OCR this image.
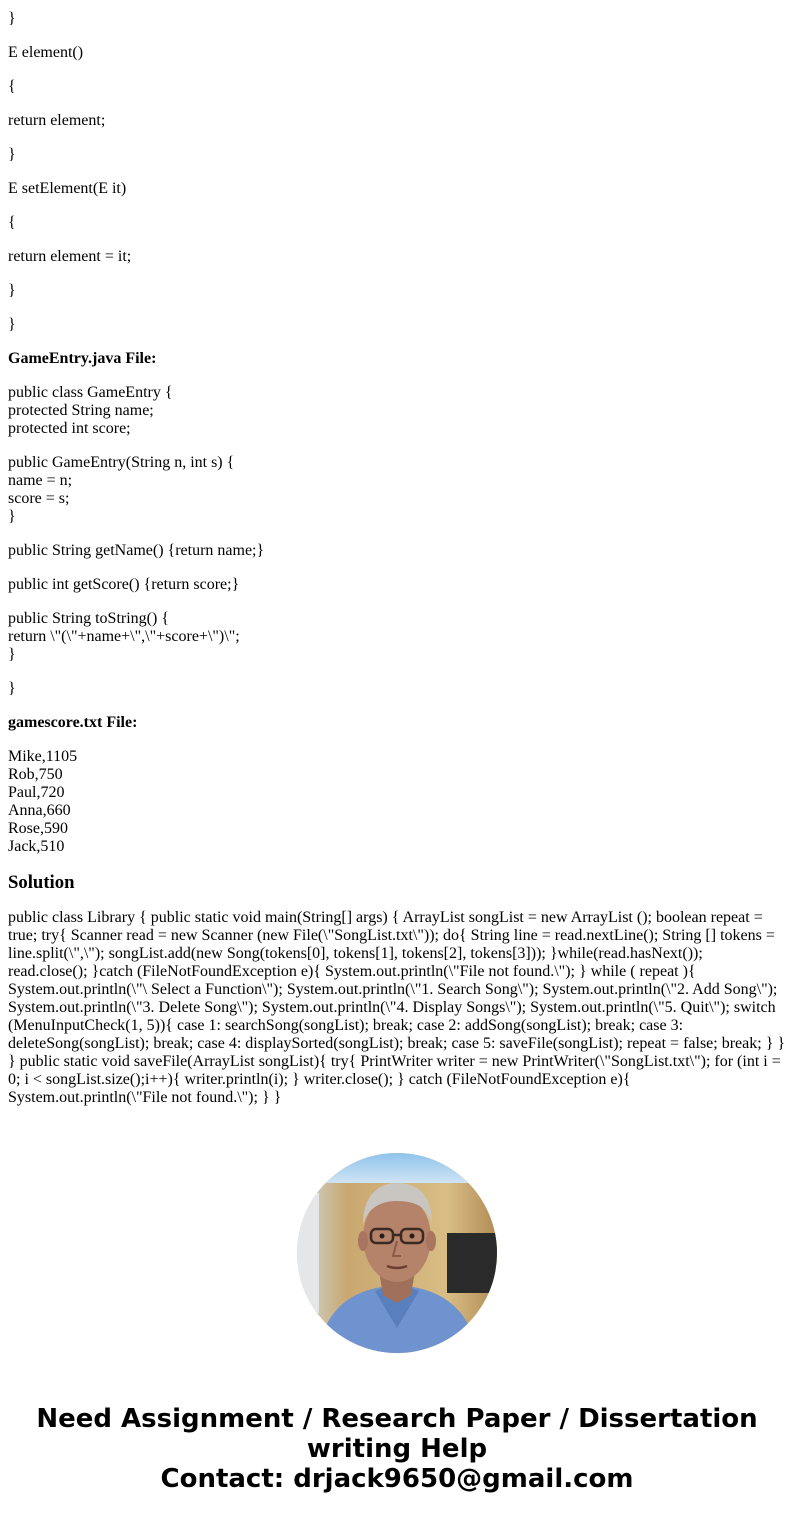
}
E element()
{
return element;
}
E setElement(E it)
{
return element = it;
}
}
GameEntry.java File:
public class GameEntry {
protected String name;
protected int score;
public GameEntry(String n, int s) {
name = n;
score = s;
}
public String getName() {return name;}
public int getScore() {return score;}
public String toString() {
return \"(\"+name+\",\"+score+\")\";
}
}
gamescore.txt File:
Mike,1105
Rob,750
Paul,720
Anna,660
Rose,590
Jack,510
Solution

public class Library { public static void main(String[] args) { ArrayList songList = new ArrayList (); boolean repeat = true; try{ Scanner read = new Scanner (new File(\"SongList.txt\")); do{ String line = read.nextLine(); String [] tokens = line.split(\",\"); songList.add(new Song(tokens[0], tokens[1], tokens[2], tokens[3])); }while(read.hasNext()); read.close(); }catch (FileNotFoundException e){ System.out.println(\"File not found.\"); } while ( repeat ){ System.out.println(\"\ Select a Function\"); System.out.println(\"1. Search Song\"); System.out.println(\"2. Add Song\"); System.out.println(\"3. Delete Song\"); System.out.println(\"4. Display Songs\"); System.out.println(\"5. Quit\"); switch (MenuInputCheck(1, 5)){ case 1: searchSong(songList); break; case 2: addSong(songList); break; case 3: deleteSong(songList); break; case 4: displaySorted(songList); break; case 5: saveFile(songList); repeat = false; break; } } } public static void saveFile(ArrayList songList){ try{ PrintWriter writer = new PrintWriter(\"SongList.txt\"); for (int i = 0; i < songList.size();i++){ writer.println(i); } writer.close(); } catch (FileNotFoundException e){ System.out.println(\"File not found.\"); } }

Need Assignment / Research Paper / Dissertation
writing Help
Contact: drjack9650@gmail.com
